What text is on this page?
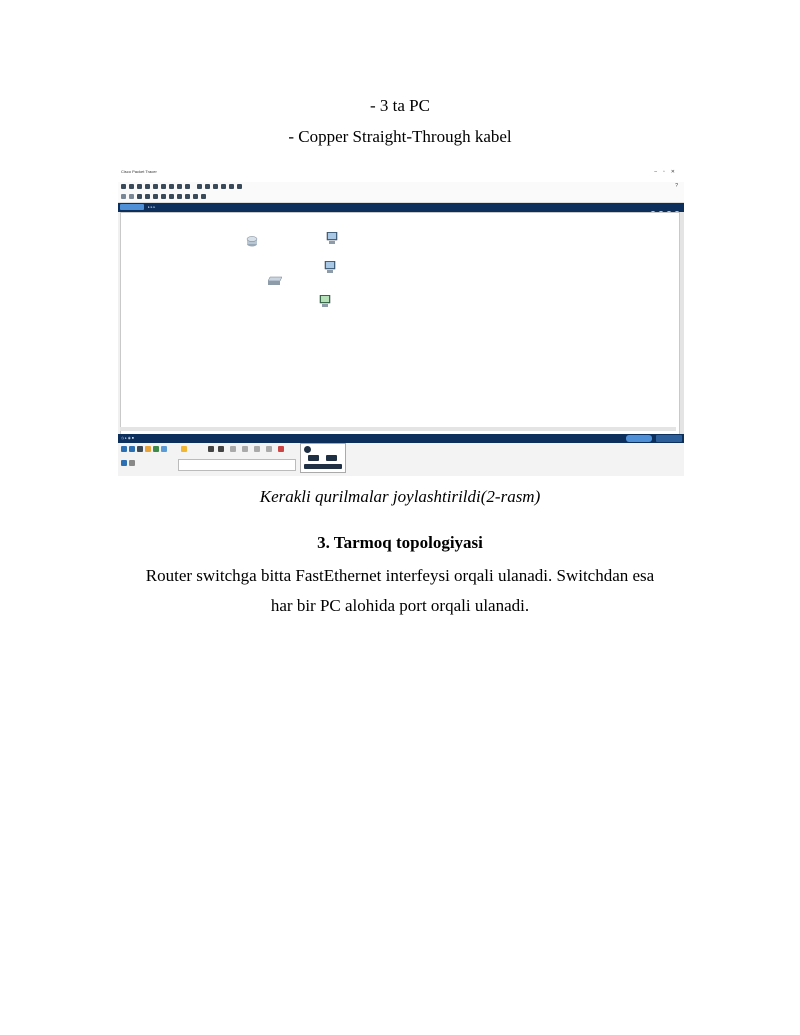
- 3 ta PC
- Copper Straight-Through kabel
Cisco Packet Tracer	–▫✕
?
▸ ▸ ▸
◷ ▸ ◉ ■
Kerakli qurilmalar joylashtirildi(2-rasm)
3. Tarmoq topologiyasi
Router switchga bitta FastEthernet interfeysi orqali ulanadi. Switchdan esa
har bir PC alohida port orqali ulanadi.
